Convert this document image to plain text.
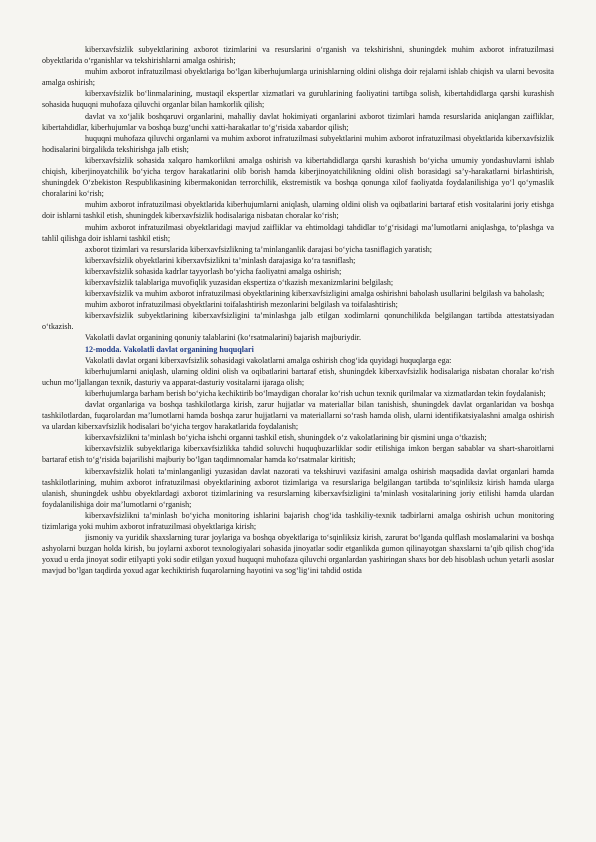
kiberxavfsizlik subyektlarining axborot tizimlarini va resurslarini o‘rganish va tekshirishni, shuningdek muhim axborot infratuzilmasi obyektlarida o‘rganishlar va tekshirishlarni amalga oshirish;

muhim axborot infratuzilmasi obyektlariga bo‘lgan kiberhujumlarga urinishlarning oldini olishga doir rejalarni ishlab chiqish va ularni bevosita amalga oshirish;

kiberxavfsizlik bo‘linmalarining, mustaqil ekspertlar xizmatlari va guruhlarining faoliyatini tartibga solish, kibertahdidlarga qarshi kurashish sohasida huquqni muhofaza qiluvchi organlar bilan hamkorlik qilish;

davlat va xo‘jalik boshqaruvi organlarini, mahalliy davlat hokimiyati organlarini axborot tizimlari hamda resurslarida aniqlangan zaifliklar, kibertahdidlar, kiberhujumlar va boshqa buzg‘unchi xatti-harakatlar to‘g‘risida xabardor qilish;

huquqni muhofaza qiluvchi organlarni va muhim axborot infratuzilmasi subyektlarini muhim axborot infratuzilmasi obyektlarida kiberxavfsizlik hodisalarini birgalikda tekshirishga jalb etish;

kiberxavfsizlik sohasida xalqaro hamkorlikni amalga oshirish va kibertahdidlarga qarshi kurashish bo‘yicha umumiy yondashuvlarni ishlab chiqish, kiberjinoyatchilik bo‘yicha tergov harakatlarini olib borish hamda kiberjinoyatchilikning oldini olish borasidagi sa’y-harakatlarni birlashtirish, shuningdek O‘zbekiston Respublikasining kibermakonidan terrorchilik, ekstremistik va boshqa qonunga xilof faoliyatda foydalanilishiga yo‘l qo‘ymaslik choralarini ko‘rish;

muhim axborot infratuzilmasi obyektlarida kiberhujumlarni aniqlash, ularning oldini olish va oqibatlarini bartaraf etish vositalarini joriy etishga doir ishlarni tashkil etish, shuningdek kiberxavfsizlik hodisalariga nisbatan choralar ko‘rish;

muhim axborot infratuzilmasi obyektlaridagi mavjud zaifliklar va ehtimoldagi tahdidlar to‘g‘risidagi ma’lumotlarni aniqlashga, to‘plashga va tahlil qilishga doir ishlarni tashkil etish;

axborot tizimlari va resurslarida kiberxavfsizlikning ta’minlanganlik darajasi bo‘yicha tasniflagich yaratish;

kiberxavfsizlik obyektlarini kiberxavfsizlikni ta’minlash darajasiga ko‘ra tasniflash;

kiberxavfsizlik sohasida kadrlar tayyorlash bo‘yicha faoliyatni amalga oshirish;

kiberxavfsizlik talablariga muvofiqlik yuzasidan ekspertiza o‘tkazish mexanizmlarini belgilash;

kiberxavfsizlik va muhim axborot infratuzilmasi obyektlarining kiberxavfsizligini amalga oshirishni baholash usullarini belgilash va baholash;

muhim axborot infratuzilmasi obyektlarini toifalashtirish mezonlarini belgilash va toifalashtirish;

kiberxavfsizlik subyektlarining kiberxavfsizligini ta’minlashga jalb etilgan xodimlarni qonunchilikda belgilangan tartibda attestatsiyadan o‘tkazish.

Vakolatli davlat organining qonuniy talablarini (ko‘rsatmalarini) bajarish majburiydir.

12-modda. Vakolatli davlat organining huquqlari

Vakolatli davlat organi kiberxavfsizlik sohasidagi vakolatlarni amalga oshirish chog‘ida quyidagi huquqlarga ega:

kiberhujumlarni aniqlash, ularning oldini olish va oqibatlarini bartaraf etish, shuningdek kiberxavfsizlik hodisalariga nisbatan choralar ko‘rish uchun mo‘ljallangan texnik, dasturiy va apparat-dasturiy vositalarni ijaraga olish;

kiberhujumlarga barham berish bo‘yicha kechiktirib bo‘lmaydigan choralar ko‘rish uchun texnik qurilmalar va xizmatlardan tekin foydalanish;

davlat organlariga va boshqa tashkilotlarga kirish, zarur hujjatlar va materiallar bilan tanishish, shuningdek davlat organlaridan va boshqa tashkilotlardan, fuqarolardan ma’lumotlarni hamda boshqa zarur hujjatlarni va materiallarni so‘rash hamda olish, ularni identifikatsiyalashni amalga oshirish va ulardan kiberxavfsizlik hodisalari bo‘yicha tergov harakatlarida foydalanish;

kiberxavfsizlikni ta’minlash bo‘yicha ishchi organni tashkil etish, shuningdek o‘z vakolatlarining bir qismini unga o‘tkazish;

kiberxavfsizlik subyektlariga kiberxavfsizlikka tahdid soluvchi huquqbuzarliklar sodir etilishiga imkon bergan sabablar va shart-sharoitlarni bartaraf etish to‘g‘risida bajarilishi majburiy bo‘lgan taqdimnomalar hamda ko‘rsatmalar kiritish;

kiberxavfsizlik holati ta’minlanganligi yuzasidan davlat nazorati va tekshiruvi vazifasini amalga oshirish maqsadida davlat organlari hamda tashkilotlarining, muhim axborot infratuzilmasi obyektlarining axborot tizimlariga va resurslariga belgilangan tartibda to‘sqinliksiz kirish hamda ularga ulanish, shuningdek ushbu obyektlardagi axborot tizimlarining va resurslarning kiberxavfsizligini ta’minlash vositalarining joriy etilishi hamda ulardan foydalanilishiga doir ma’lumotlarni o‘rganish;

kiberxavfsizlikni ta’minlash bo‘yicha monitoring ishlarini bajarish chog‘ida tashkiliy-texnik tadbirlarni amalga oshirish uchun monitoring tizimlariga yoki muhim axborot infratuzilmasi obyektlariga kirish;

jismoniy va yuridik shaxslarning turar joylariga va boshqa obyektlariga to‘sqinliksiz kirish, zarurat bo‘lganda qulflash moslamalarini va boshqa ashyolarni buzgan holda kirish, bu joylarni axborot texnologiyalari sohasida jinoyatlar sodir etganlikda gumon qilinayotgan shaxslarni ta’qib qilish chog‘ida yoxud u erda jinoyat sodir etilyapti yoki sodir etilgan yoxud huquqni muhofaza qiluvchi organlardan yashiringan shaxs bor deb hisoblash uchun yetarli asoslar mavjud bo‘lgan taqdirda yoxud agar kechiktirish fuqarolarning hayotini va sog‘lig‘ini tahdid ostida
